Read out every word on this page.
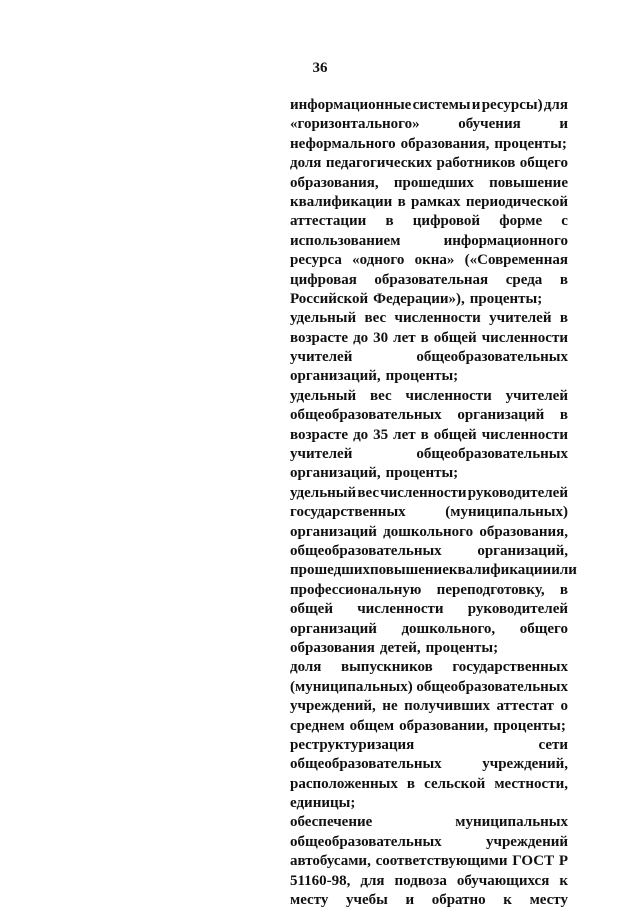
36
информационные системы и ресурсы) для
«горизонтального»	обучения	и
неформального образования, проценты;
доля педагогических работников общего
образования, прошедших повышение
квалификации в рамках периодической
аттестации в цифровой форме с
использованием	информационного
ресурса «одного окна» («Современная
цифровая образовательная среда в
Российской Федерации»), проценты;
удельный вес численности учителей в
возрасте до 30 лет в общей численности
учителей	общеобразовательных
организаций, проценты;
удельный вес численности учителей
общеобразовательных организаций в
возрасте до 35 лет в общей численности
учителей	общеобразовательных
организаций, проценты;
удельный вес численности руководителей
государственных	(муниципальных)
организаций дошкольного образования,
общеобразовательных организаций,
прошедших повышение квалификации или
профессиональную переподготовку, в
общей численности руководителей
организаций дошкольного, общего
образования детей, проценты;
доля выпускников государственных
(муниципальных) общеобразовательных
учреждений, не получивших аттестат о
среднем общем образовании, проценты;
реструктуризация	сети
общеобразовательных	учреждений,
расположенных в сельской местности,
единицы;
обеспечение	муниципальных
общеобразовательных	учреждений
автобусами, соответствующими ГОСТ Р
51160-98, для подвоза обучающихся к
месту учебы и обратно к месту
